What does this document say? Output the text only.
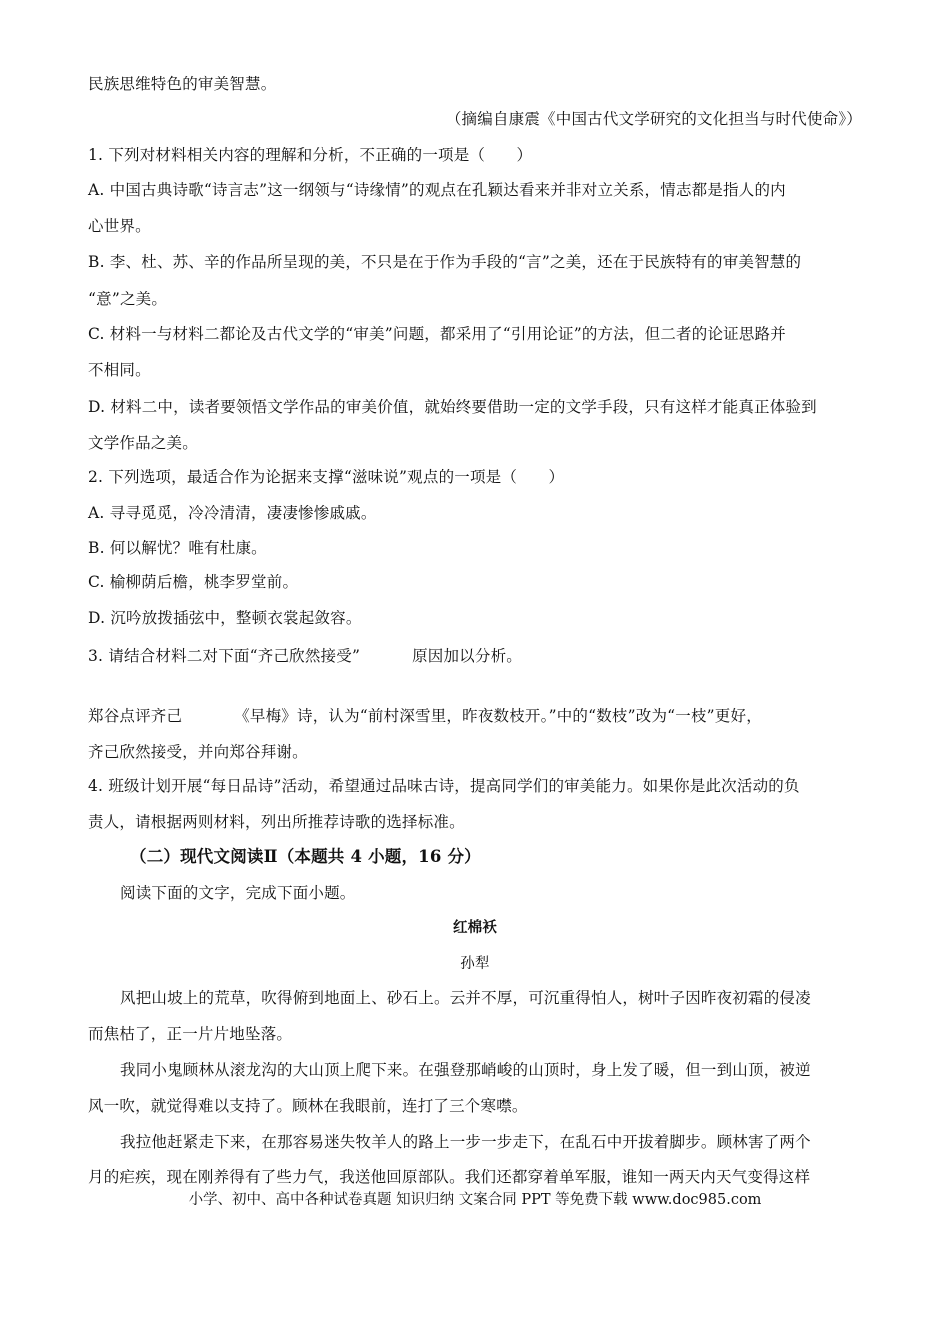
民族思维特色的审美智慧。
（摘编自康震《中国古代文学研究的文化担当与时代使命》）
1. 下列对材料相关内容的理解和分析，不正确的一项是（　　）
A. 中国古典诗歌“诗言志”这一纲领与“诗缘情”的观点在孔颖达看来并非对立关系，情志都是指人的内
心世界。
B. 李、杜、苏、辛的作品所呈现的美，不只是在于作为手段的“言”之美，还在于民族特有的审美智慧的
“意”之美。
C. 材料一与材料二都论及古代文学的“审美”问题，都采用了“引用论证”的方法，但二者的论证思路并
不相同。
D. 材料二中，读者要领悟文学作品的审美价值，就始终要借助一定的文学手段，只有这样才能真正体验到
文学作品之美。
2. 下列选项，最适合作为论据来支撑“滋味说”观点的一项是（　　）
A. 寻寻觅觅，冷冷清清，凄凄惨惨戚戚。
B. 何以解忧？唯有杜康。
C. 榆柳荫后檐，桃李罗堂前。
D. 沉吟放拨插弦中，整顿衣裳起敛容。
3. 请结合材料二对下面“齐己欣然接受”	原因加以分析。
郑谷点评齐己	《早梅》诗，认为“前村深雪里，昨夜数枝开。”中的“数枝”改为“一枝”更好，
齐己欣然接受，并向郑谷拜谢。
4. 班级计划开展“每日品诗”活动，希望通过品味古诗，提高同学们的审美能力。如果你是此次活动的负
责人，请根据两则材料，列出所推荐诗歌的选择标准。
（二）现代文阅读Ⅱ（本题共 4 小题，16 分）
阅读下面的文字，完成下面小题。
红棉袄
孙犁
风把山坡上的荒草，吹得俯到地面上、砂石上。云并不厚，可沉重得怕人，树叶子因昨夜初霜的侵凌
而焦枯了，正一片片地坠落。
我同小鬼顾林从滚龙沟的大山顶上爬下来。在强登那峭峻的山顶时，身上发了暖，但一到山顶，被逆
风一吹，就觉得难以支持了。顾林在我眼前，连打了三个寒噤。
我拉他赶紧走下来，在那容易迷失牧羊人的路上一步一步走下，在乱石中开拔着脚步。顾林害了两个
月的疟疾，现在刚养得有了些力气，我送他回原部队。我们还都穿着单军服，谁知一两天内天气变得这样
小学、初中、高中各种试卷真题 知识归纳 文案合同 PPT 等免费下载 www.doc985.com
